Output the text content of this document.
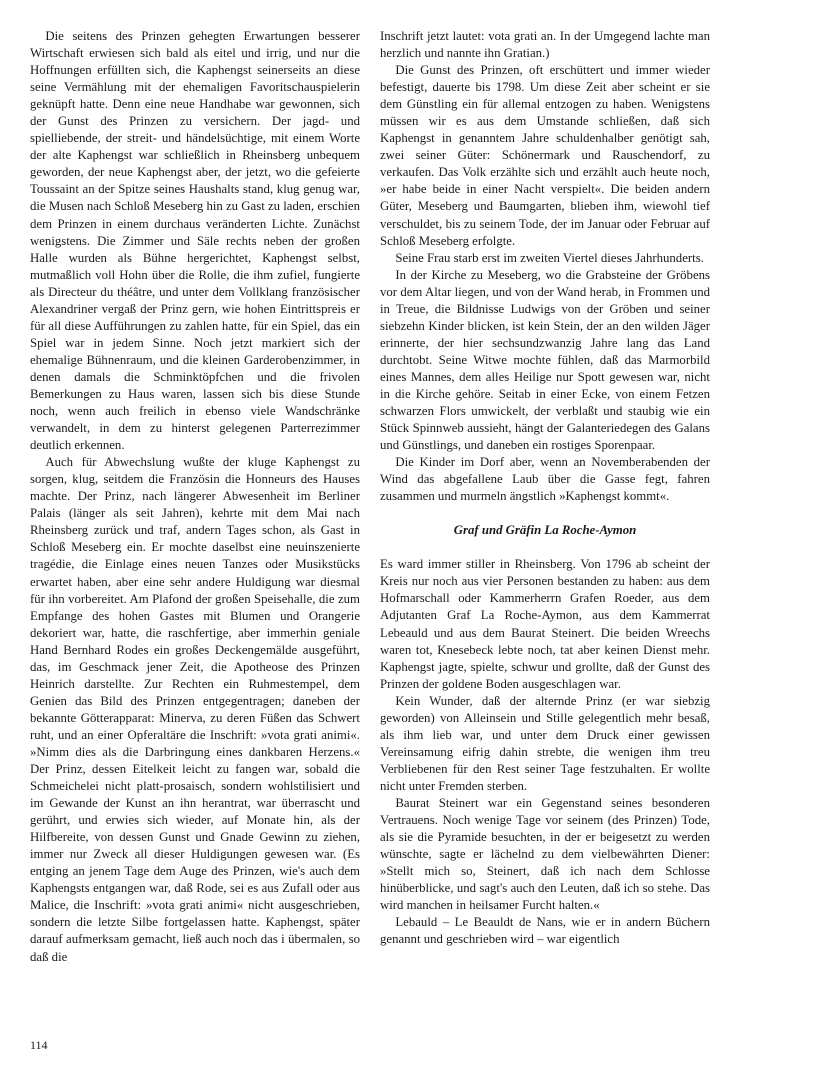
Die seitens des Prinzen gehegten Erwartungen besserer Wirtschaft erwiesen sich bald als eitel und irrig, und nur die Hoffnungen erfüllten sich, die Kaphengst seinerseits an diese seine Vermählung mit der ehemaligen Favoritschauspielerin geknüpft hatte. Denn eine neue Handhabe war gewonnen, sich der Gunst des Prinzen zu versichern. Der jagd- und spielliebende, der streit- und händelsüchtige, mit einem Worte der alte Kaphengst war schließlich in Rheinsberg unbequem geworden, der neue Kaphengst aber, der jetzt, wo die gefeierte Toussaint an der Spitze seines Haushalts stand, klug genug war, die Musen nach Schloß Meseberg hin zu Gast zu laden, erschien dem Prinzen in einem durchaus veränderten Lichte. Zunächst wenigstens. Die Zimmer und Säle rechts neben der großen Halle wurden als Bühne hergerichtet, Kaphengst selbst, mutmaßlich voll Hohn über die Rolle, die ihm zufiel, fungierte als Directeur du théâtre, und unter dem Vollklang französischer Alexandriner vergaß der Prinz gern, wie hohen Eintrittspreis er für all diese Aufführungen zu zahlen hatte, für ein Spiel, das ein Spiel war in jedem Sinne. Noch jetzt markiert sich der ehemalige Bühnenraum, und die kleinen Garderobenzimmer, in denen damals die Schminktöpfchen und die frivolen Bemerkungen zu Haus waren, lassen sich bis diese Stunde noch, wenn auch freilich in ebenso viele Wandschränke verwandelt, in dem zu hinterst gelegenen Parterrezimmer deutlich erkennen.

Auch für Abwechslung wußte der kluge Kaphengst zu sorgen, klug, seitdem die Französin die Honneurs des Hauses machte. Der Prinz, nach längerer Abwesenheit im Berliner Palais (länger als seit Jahren), kehrte mit dem Mai nach Rheinsberg zurück und traf, andern Tages schon, als Gast in Schloß Meseberg ein. Er mochte daselbst eine neuinszenierte tragédie, die Einlage eines neuen Tanzes oder Musikstücks erwartet haben, aber eine sehr andere Huldigung war diesmal für ihn vorbereitet. Am Plafond der großen Speisehalle, die zum Empfange des hohen Gastes mit Blumen und Orangerie dekoriert war, hatte, die raschfertige, aber immerhin geniale Hand Bernhard Rodes ein großes Deckengemälde ausgeführt, das, im Geschmack jener Zeit, die Apotheose des Prinzen Heinrich darstellte. Zur Rechten ein Ruhmestempel, dem Genien das Bild des Prinzen entgegentragen; daneben der bekannte Götterapparat: Minerva, zu deren Füßen das Schwert ruht, und an einer Opferaltäre die Inschrift: »vota grati animi«. »Nimm dies als die Darbringung eines dankbaren Herzens.« Der Prinz, dessen Eitelkeit leicht zu fangen war, sobald die Schmeichelei nicht platt-prosaisch, sondern wohlstilisiert und im Gewande der Kunst an ihn herantrat, war überrascht und gerührt, und erwies sich wieder, auf Monate hin, als der Hilfbereite, von dessen Gunst und Gnade Gewinn zu ziehen, immer nur Zweck all dieser Huldigungen gewesen war. (Es entging an jenem Tage dem Auge des Prinzen, wie's auch dem Kaphengsts entgangen war, daß Rode, sei es aus Zufall oder aus Malice, die Inschrift: »vota grati animi« nicht ausgeschrieben, sondern die letzte Silbe fortgelassen hatte. Kaphengst, später darauf aufmerksam gemacht, ließ auch noch das i übermalen, so daß die

Inschrift jetzt lautet: vota grati an. In der Umgegend lachte man herzlich und nannte ihn Gratian.)

Die Gunst des Prinzen, oft erschüttert und immer wieder befestigt, dauerte bis 1798. Um diese Zeit aber scheint er sie dem Günstling ein für allemal entzogen zu haben. Wenigstens müssen wir es aus dem Umstande schließen, daß sich Kaphengst in genanntem Jahre schuldenhalber genötigt sah, zwei seiner Güter: Schönermark und Rauschendorf, zu verkaufen. Das Volk erzählte sich und erzählt auch heute noch, »er habe beide in einer Nacht verspielt«. Die beiden andern Güter, Meseberg und Baumgarten, blieben ihm, wiewohl tief verschuldet, bis zu seinem Tode, der im Januar oder Februar auf Schloß Meseberg erfolgte.

Seine Frau starb erst im zweiten Viertel dieses Jahrhunderts.

In der Kirche zu Meseberg, wo die Grabsteine der Gröbens vor dem Altar liegen, und von der Wand herab, in Frommen und in Treue, die Bildnisse Ludwigs von der Gröben und seiner siebzehn Kinder blicken, ist kein Stein, der an den wilden Jäger erinnerte, der hier sechsundzwanzig Jahre lang das Land durchtobt. Seine Witwe mochte fühlen, daß das Marmorbild eines Mannes, dem alles Heilige nur Spott gewesen war, nicht in die Kirche gehöre. Seitab in einer Ecke, von einem Fetzen schwarzen Flors umwickelt, der verblaßt und staubig wie ein Stück Spinnweb aussieht, hängt der Galanteriedegen des Galans und Günstlings, und daneben ein rostiges Sporenpaar.

Die Kinder im Dorf aber, wenn an Novemberabenden der Wind das abgefallene Laub über die Gasse fegt, fahren zusammen und murmeln ängstlich »Kaphengst kommt«.

Graf und Gräfin La Roche-Aymon

Es ward immer stiller in Rheinsberg. Von 1796 ab scheint der Kreis nur noch aus vier Personen bestanden zu haben: aus dem Hofmarschall oder Kammerherrn Grafen Roeder, aus dem Adjutanten Graf La Roche-Aymon, aus dem Kammerrat Lebeauld und aus dem Baurat Steinert. Die beiden Wreechs waren tot, Knesebeck lebte noch, tat aber keinen Dienst mehr. Kaphengst jagte, spielte, schwur und grollte, daß der Gunst des Prinzen der goldene Boden ausgeschlagen war.

Kein Wunder, daß der alternde Prinz (er war siebzig geworden) von Alleinsein und Stille gelegentlich mehr besaß, als ihm lieb war, und unter dem Druck einer gewissen Vereinsamung eifrig dahin strebte, die wenigen ihm treu Verbliebenen für den Rest seiner Tage festzuhalten. Er wollte nicht unter Fremden sterben.

Baurat Steinert war ein Gegenstand seines besonderen Vertrauens. Noch wenige Tage vor seinem (des Prinzen) Tode, als sie die Pyramide besuchten, in der er beigesetzt zu werden wünschte, sagte er lächelnd zu dem vielbewährten Diener: »Stellt mich so, Steinert, daß ich nach dem Schlosse hinüberblicke, und sagt's auch den Leuten, daß ich so stehe. Das wird manchen in heilsamer Furcht halten.«

Lebauld – Le Beauldt de Nans, wie er in andern Büchern genannt und geschrieben wird – war eigentlich

114
